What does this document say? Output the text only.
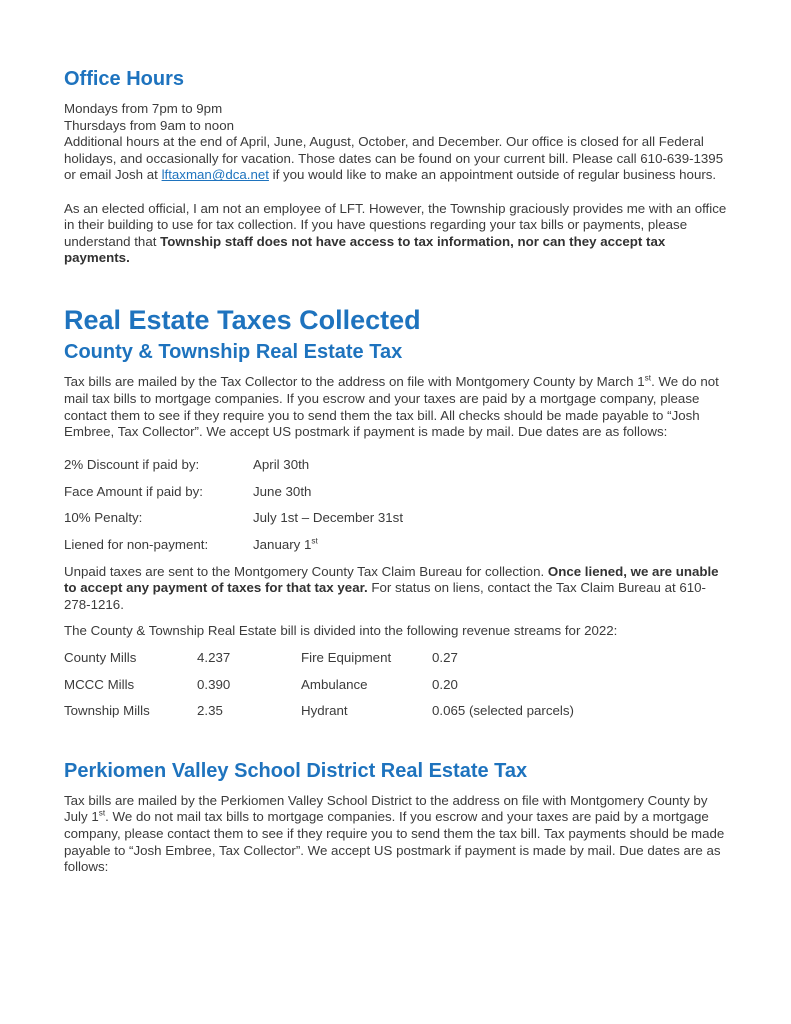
Office Hours

Mondays from 7pm to 9pm
Thursdays from 9am to noon
Additional hours at the end of April, June, August, October, and December. Our office is closed for all Federal holidays, and occasionally for vacation. Those dates can be found on your current bill. Please call 610-639-1395 or email Josh at lftaxman@dca.net if you would like to make an appointment outside of regular business hours.

As an elected official, I am not an employee of LFT. However, the Township graciously provides me with an office in their building to use for tax collection. If you have questions regarding your tax bills or payments, please understand that Township staff does not have access to tax information, nor can they accept tax payments.

Real Estate Taxes Collected
County & Township Real Estate Tax

Tax bills are mailed by the Tax Collector to the address on file with Montgomery County by March 1st. We do not mail tax bills to mortgage companies. If you escrow and your taxes are paid by a mortgage company, please contact them to see if they require you to send them the tax bill. All checks should be made payable to “Josh Embree, Tax Collector”. We accept US postmark if payment is made by mail. Due dates are as follows:

2% Discount if paid by:	April 30th
Face Amount if paid by:	June 30th
10% Penalty:	July 1st – December 31st
Liened for non-payment:	January 1st

Unpaid taxes are sent to the Montgomery County Tax Claim Bureau for collection. Once liened, we are unable to accept any payment of taxes for that tax year. For status on liens, contact the Tax Claim Bureau at 610-278-1216.

The County & Township Real Estate bill is divided into the following revenue streams for 2022:

County Mills	4.237	Fire Equipment	0.27
MCCC Mills	0.390	Ambulance	0.20
Township Mills	2.35	Hydrant	0.065 (selected parcels)
Perkiomen Valley School District Real Estate Tax

Tax bills are mailed by the Perkiomen Valley School District to the address on file with Montgomery County by July 1st. We do not mail tax bills to mortgage companies. If you escrow and your taxes are paid by a mortgage company, please contact them to see if they require you to send them the tax bill. Tax payments should be made payable to “Josh Embree, Tax Collector”. We accept US postmark if payment is made by mail. Due dates are as follows:
